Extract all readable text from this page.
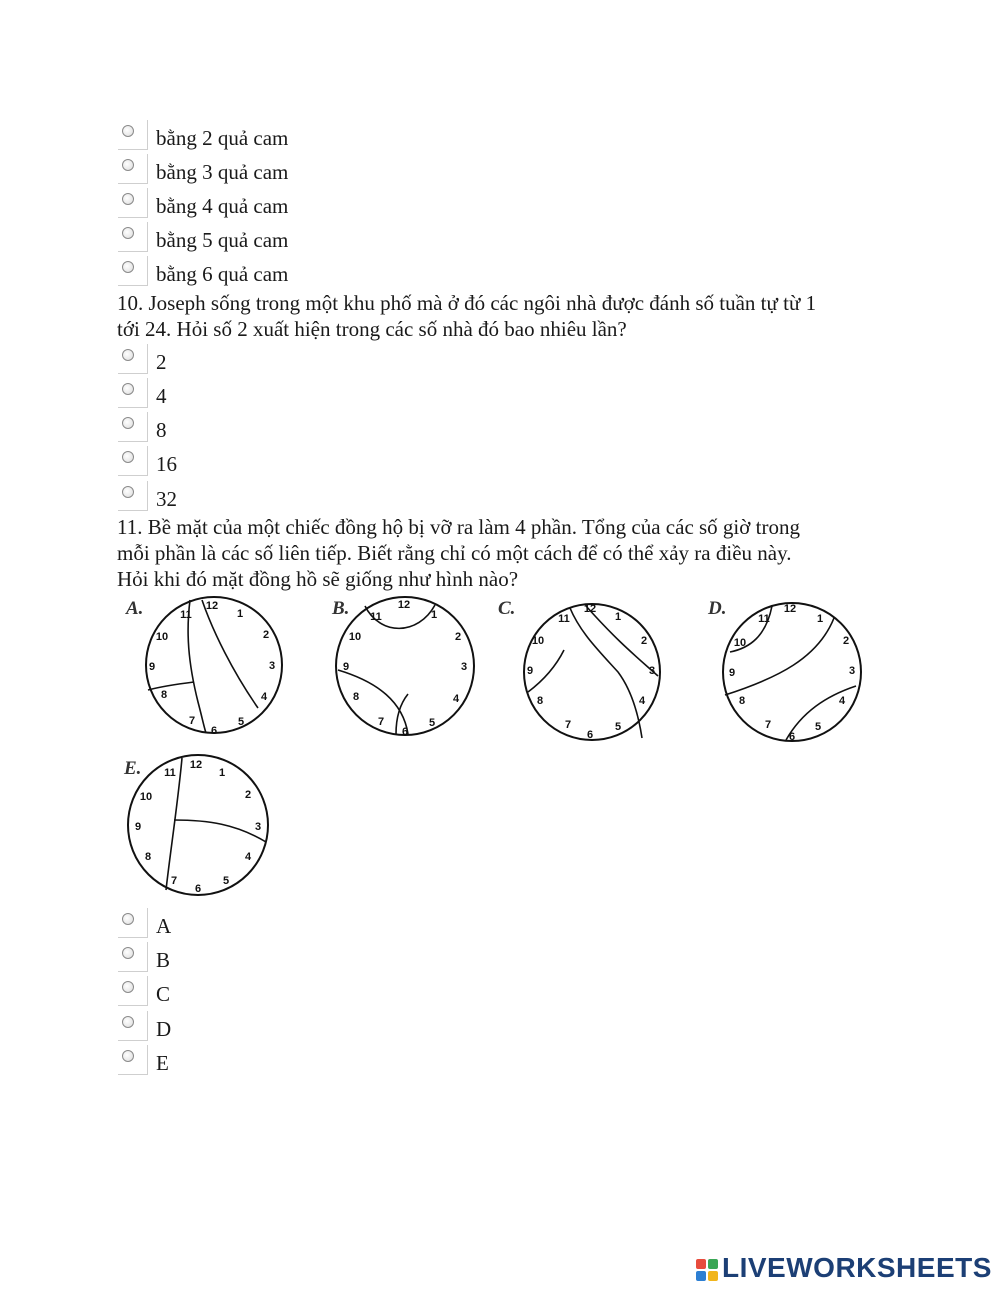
bằng 2 quả cam
bằng 3 quả cam
bằng 4 quả cam
bằng 5 quả cam
bằng 6 quả cam
10. Joseph sống trong một khu phố mà ở đó các ngôi nhà được đánh số tuần tự từ 1
tới 24. Hỏi số 2 xuất hiện trong các số nhà đó bao nhiêu lần?
2
4
8
16
32
11. Bề mặt của một chiếc đồng hộ bị vỡ ra làm 4 phần. Tổng của các số giờ trong
mỗi phần là các số liên tiếp. Biết rằng chỉ có một cách để có thể xảy ra điều này.
Hỏi khi đó mặt đồng hồ sẽ giống như hình nào?
A.	B.	C.	D.
E.
12
1
2
3
4
5
6
7
8
9
10
11
12
1
2
3
4
5
6
7
8
9
10
11
12
1
2
3
4
5
6
7
8
9
10
11
12
1
2
3
4
5
6
7
8
9
10
11
12
1
2
3
4
5
6
7
8
9
10
11
A
B
C
D
E
LIVEWORKSHEETS
